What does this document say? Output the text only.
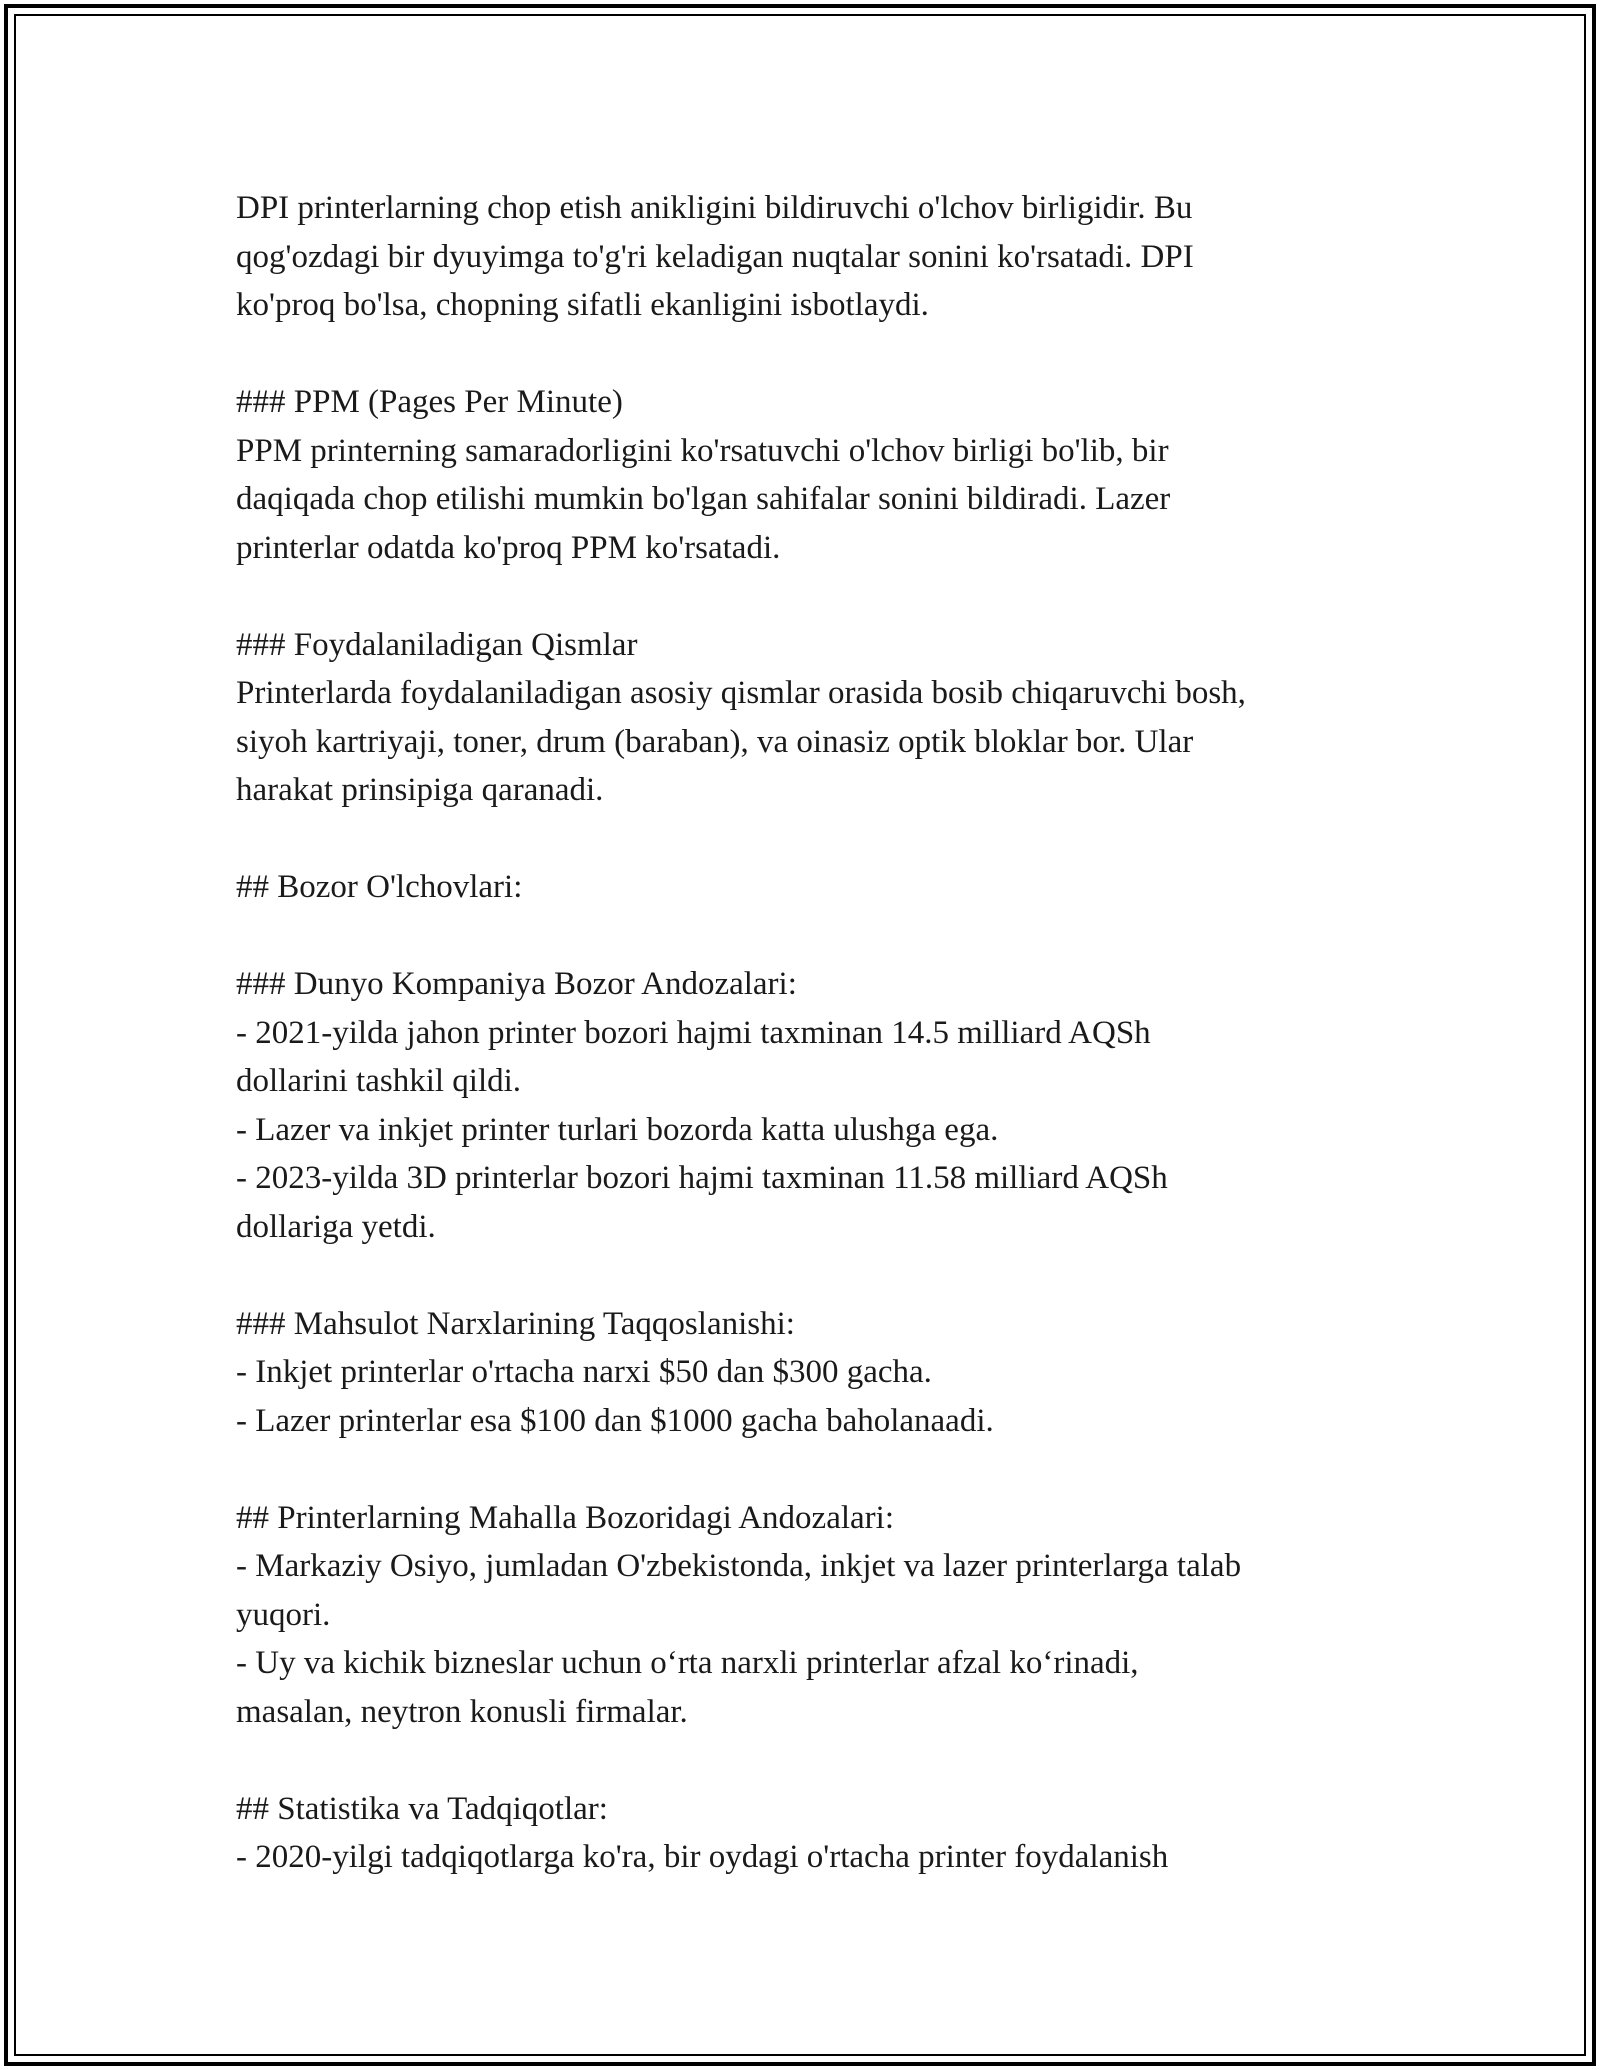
DPI printerlarning chop etish anikligini bildiruvchi o'lchov birligidir. Bu
qog'ozdagi bir dyuyimga to'g'ri keladigan nuqtalar sonini ko'rsatadi. DPI
ko'proq bo'lsa, chopning sifatli ekanligini isbotlaydi.
### PPM (Pages Per Minute)
PPM printerning samaradorligini ko'rsatuvchi o'lchov birligi bo'lib, bir
daqiqada chop etilishi mumkin bo'lgan sahifalar sonini bildiradi. Lazer
printerlar odatda ko'proq PPM ko'rsatadi.
### Foydalaniladigan Qismlar
Printerlarda foydalaniladigan asosiy qismlar orasida bosib chiqaruvchi bosh,
siyoh kartriyaji, toner, drum (baraban), va oinasiz optik bloklar bor. Ular
harakat prinsipiga qaranadi.
## Bozor O'lchovlari:
### Dunyo Kompaniya Bozor Andozalari:
- 2021-yilda jahon printer bozori hajmi taxminan 14.5 milliard AQSh
dollarini tashkil qildi.
- Lazer va inkjet printer turlari bozorda katta ulushga ega.
- 2023-yilda 3D printerlar bozori hajmi taxminan 11.58 milliard AQSh
dollariga yetdi.
### Mahsulot Narxlarining Taqqoslanishi:
- Inkjet printerlar o'rtacha narxi $50 dan $300 gacha.
- Lazer printerlar esa $100 dan $1000 gacha baholanaadi.
## Printerlarning Mahalla Bozoridagi Andozalari:
- Markaziy Osiyo, jumladan O'zbekistonda, inkjet va lazer printerlarga talab
yuqori.
- Uy va kichik bizneslar uchun o‘rta narxli printerlar afzal ko‘rinadi,
masalan, neytron konusli firmalar.
## Statistika va Tadqiqotlar:
- 2020-yilgi tadqiqotlarga ko'ra, bir oydagi o'rtacha printer foydalanish
